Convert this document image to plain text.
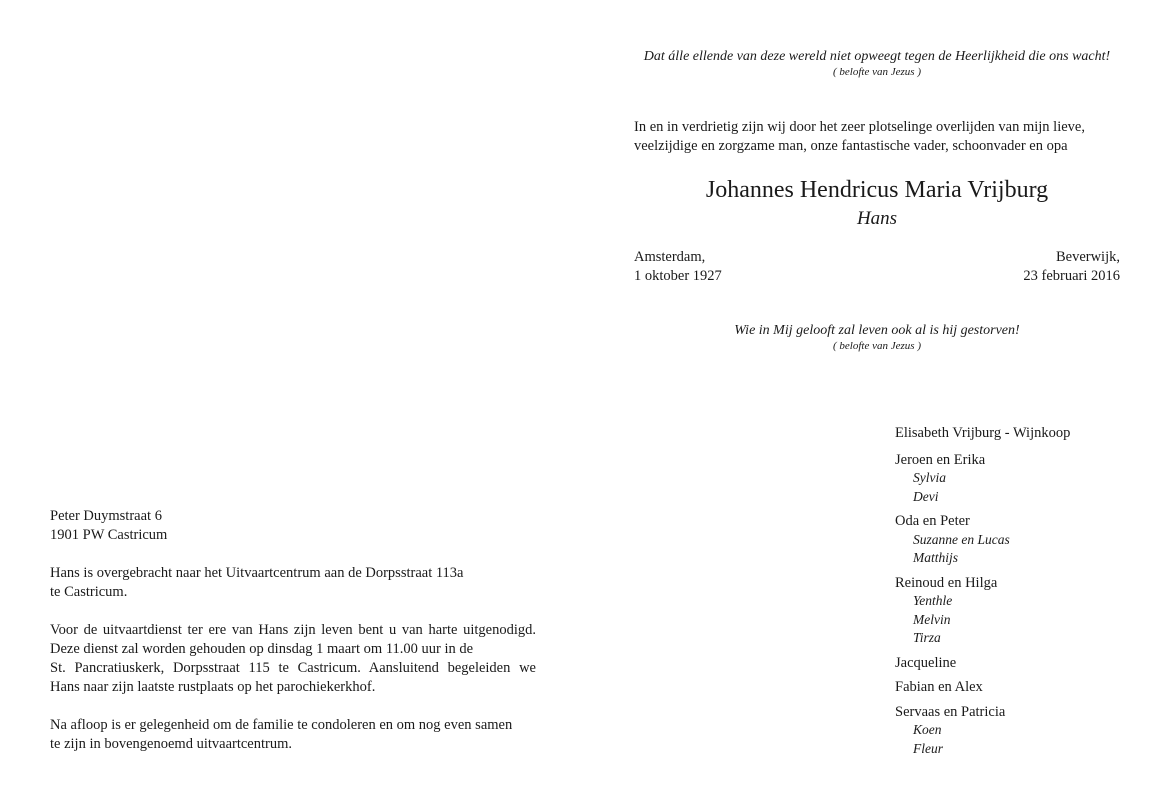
Dat álle ellende van deze wereld niet opweegt tegen de Heerlijkheid die ons wacht!
( belofte van Jezus )
In en in verdrietig zijn wij door het zeer plotselinge overlijden van mijn lieve,
veelzijdige en zorgzame man, onze fantastische vader, schoonvader en opa
Johannes Hendricus Maria Vrijburg
Hans
Amsterdam,
1 oktober 1927
Beverwijk,
23 februari 2016
Wie in Mij gelooft zal leven ook al is hij gestorven!
( belofte van Jezus )
Elisabeth Vrijburg - Wijnkoop
Jeroen en Erika
Sylvia
Devi
Oda en Peter
Suzanne en Lucas
Matthijs
Reinoud en Hilga
Yenthle
Melvin
Tirza
Jacqueline
Fabian en Alex
Servaas en Patricia
Koen
Fleur

Peter Duymstraat 6
1901 PW Castricum

Hans is overgebracht naar het Uitvaartcentrum aan de Dorpsstraat 113a
te Castricum.

Voor de uitvaartdienst ter ere van Hans zijn leven bent u van harte uitgenodigd.
Deze dienst zal worden gehouden op dinsdag 1 maart om 11.00 uur in de
St. Pancratiuskerk, Dorpsstraat 115 te Castricum. Aansluitend begeleiden we
Hans naar zijn laatste rustplaats op het parochiekerkhof.

Na afloop is er gelegenheid om de familie te condoleren en om nog even samen
te zijn in bovengenoemd uitvaartcentrum.
